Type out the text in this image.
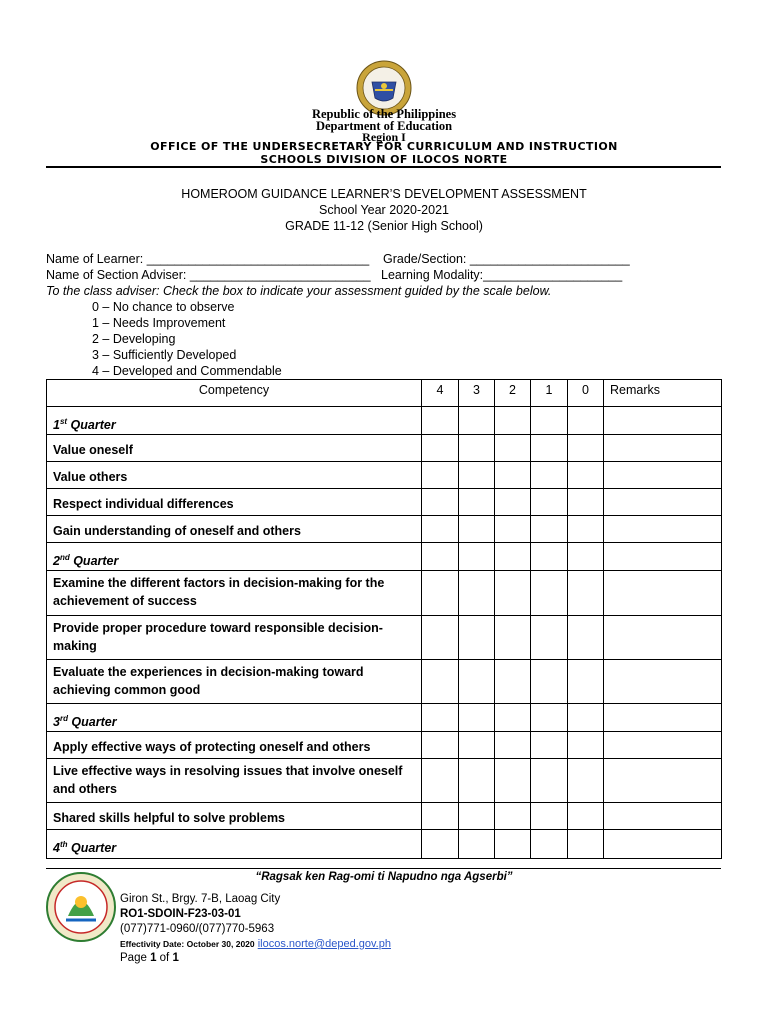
Republic of the Philippines
Department of Education
Region I
OFFICE OF THE UNDERSECRETARY FOR CURRICULUM AND INSTRUCTION
SCHOOLS DIVISION OF ILOCOS NORTE
HOMEROOM GUIDANCE LEARNER’S DEVELOPMENT ASSESSMENT
School Year 2020-2021
GRADE 11-12 (Senior High School)
Name of Learner: ________________________________ Grade/Section: _______________________
Name of Section Adviser: __________________________ Learning Modality:____________________
To the class adviser: Check the box to indicate your assessment guided by the scale below.
0 – No chance to observe
1 – Needs Improvement
2 – Developing
3 – Sufficiently Developed
4 – Developed and Commendable
Competency	4	3	2	1	0	Remarks
1st Quarter						
Value oneself						
Value others						
Respect individual differences						
Gain understanding of oneself and others						
2nd Quarter						
Examine the different factors in decision-making for the achievement of success						
Provide proper procedure toward responsible decision-making						
Evaluate the experiences in decision-making toward achieving common good						
3rd Quarter						
Apply effective ways of protecting oneself and others						
Live effective ways in resolving issues that involve oneself and others						
Shared skills helpful to solve problems						
4th Quarter						
“Ragsak ken Rag-omi ti Napudno nga Agserbi”
Giron St., Brgy. 7-B, Laoag City
RO1-SDOIN-F23-03-01
(077)771-0960/(077)770-5963
Effectivity Date: October 30, 2020 ilocos.norte@deped.gov.ph
Page 1 of 1
